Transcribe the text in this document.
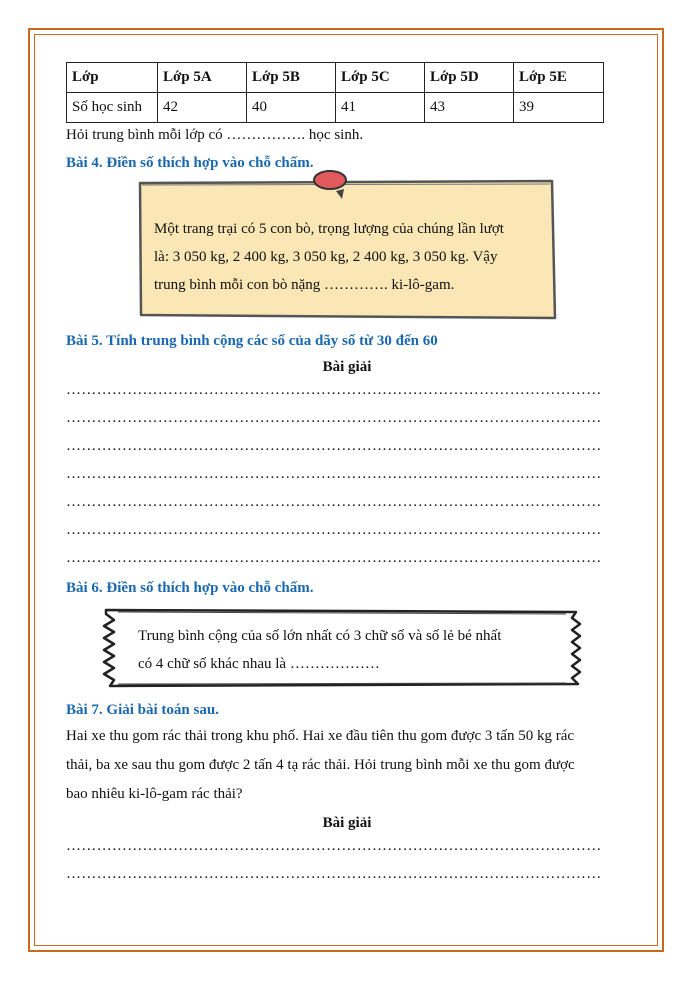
Lớp	Lớp 5A	Lớp 5B	Lớp 5C	Lớp 5D	Lớp 5E
Số học sinh	42	40	41	43	39
Hỏi trung bình mỗi lớp có ……………. học sinh.
Bài 4. Điền số thích hợp vào chỗ chấm.
Một trang trại có 5 con bò, trọng lượng của chúng lần lượt
là: 3 050 kg, 2 400 kg, 3 050 kg, 2 400 kg, 3 050 kg. Vậy
trung bình mỗi con bò nặng …………. ki-lô-gam.
Bài 5. Tính trung bình cộng các số của dãy số từ 30 đến 60
Bài giải
……………………………………………………………………………………………
……………………………………………………………………………………………
……………………………………………………………………………………………
……………………………………………………………………………………………
……………………………………………………………………………………………
……………………………………………………………………………………………
……………………………………………………………………………………………
Bài 6. Điền số thích hợp vào chỗ chấm.
Trung bình cộng của số lớn nhất có 3 chữ số và số lẻ bé nhất
có 4 chữ số khác nhau là ………………
Bài 7. Giải bài toán sau.
Hai xe thu gom rác thải trong khu phố. Hai xe đầu tiên thu gom được 3 tấn 50 kg rác
thải, ba xe sau thu gom được 2 tấn 4 tạ rác thải. Hỏi trung bình mỗi xe thu gom được
bao nhiêu ki-lô-gam rác thải?
Bài giải
……………………………………………………………………………………………
……………………………………………………………………………………………
